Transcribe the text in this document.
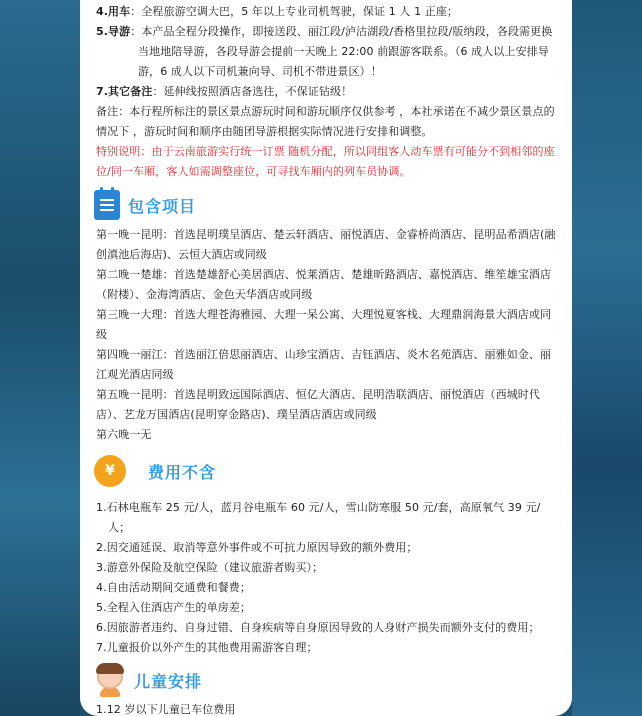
4.用车：全程旅游空调大巴，5 年以上专业司机驾驶，保证 1 人 1 正座；
5.导游：本产品全程分段操作，即接送段、丽江段/泸沽湖段/香格里拉段/版纳段，各段需更换当地地陪导游，各段导游会提前一天晚上 22:00 前跟游客联系。（6 成人以上安排导游，6 成人以下司机兼向导、司机不带进景区）！
7.其它备注：延伸线按照酒店备选往，不保证钻级！
备注：本行程所标注的景区景点游玩时间和游玩顺序仅供参考 ，本社承诺在不减少景区景点的情况下 ，游玩时间和顺序由随团导游根据实际情况进行安排和调整。
特别说明：由于云南旅游实行统一订票 随机分配，所以同组客人动车票有可能分不到相邻的座位/同一车厢，客人如需调整座位，可寻找车厢内的列车员协调。
包含项目
第一晚一昆明：首选昆明璞呈酒店、楚云轩酒店、丽悦酒店、金睿桥尚酒店、昆明品希酒店(融创滇池后海店)、云恒大酒店或同级
第二晚一楚雄：首选楚雄舒心美居酒店、悦莱酒店、楚雄昕路酒店、嘉悦酒店、维笙雄宝酒店（附楼）、金海湾酒店、金色天华酒店或同级
第三晚一大理：首选大理苍海雅园、大理一呆公寓、大理悦夏客栈、大理鼎润海景大酒店或同级
第四晚一丽江：首选丽江倍思丽酒店、山珍宝酒店、吉钰酒店、炎木名苑酒店、丽雅如金、丽江观光酒店同级
第五晚一昆明：首选昆明致远国际酒店、恒亿大酒店、昆明浩联酒店、丽悦酒店（西城时代店）、艺龙万国酒店(昆明穿金路店)、璞呈酒店酒店或同级
第六晚一无
¥ 费用不含
1.石林电瓶车 25 元/人，蓝月谷电瓶车 60 元/人，雪山防寒服 50 元/套，高原氧气 39 元/人；
2.因交通延误、取消等意外事件或不可抗力原因导致的额外费用；
3.游意外保险及航空保险（建议旅游者购买）；
4.自由活动期间交通费和餐费；
5.全程入住酒店产生的单房差；
6.因旅游者违约、自身过错、自身疾病等自身原因导致的人身财产损失而额外支付的费用；
7.儿童报价以外产生的其他费用需游客自理；
儿童安排
1.12 岁以下儿童已车位费用
